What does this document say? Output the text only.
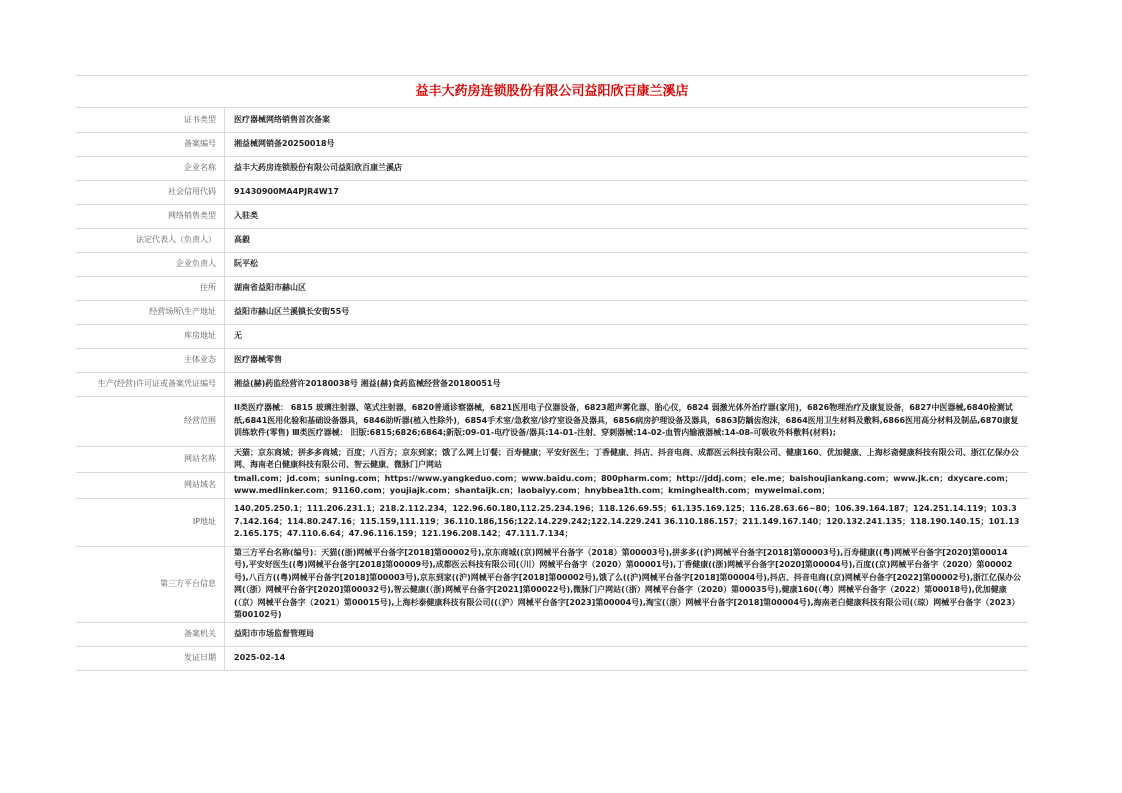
益丰大药房连锁股份有限公司益阳欣百康兰溪店
证书类型	医疗器械网络销售首次备案
备案编号	湘益械网销备20250018号
企业名称	益丰大药房连锁股份有限公司益阳欣百康兰溪店
社会信用代码	91430900MA4PJR4W17
网络销售类型	入驻类
法定代表人（负责人）	高毅
企业负责人	阮平松
住所	湖南省益阳市赫山区
经营场所\生产地址	益阳市赫山区兰溪镇长安街55号
库房地址	无
主体业态	医疗器械零售
生产(经营)许可证或备案凭证编号	湘益(赫)药监经营许20180038号 湘益(赫)食药监械经营备20180051号
经营范围	II类医疗器械： 6815 玻璃注射器、笔式注射器，6820普通诊察器械，6821医用电子仪器设备，6823超声雾化器、胎心仪，6824 弱激光体外治疗器(家用)，6826物理治疗及康复设备，6827中医器械,6840检测试纸,6841医用化验和基础设备器具，6846助听器(植入性除外)，6854手术室/急救室/诊疗室设备及器具，6856病房护理设备及器具，6863防龋齿泡沫，6864医用卫生材料及敷料,6866医用高分材料及制品,6870康复训练软件(零售) Ⅲ类医疗器械： 旧版:6815;6826;6864;新版:09-01-电疗设备/器具:14-01-注射、穿刺器械:14-02-血管内输液器械:14-08-可吸收外科敷料(材料);
网站名称	天猫；京东商城；拼多多商城；百度；八百方；京东到家；饿了么网上订餐；百寿健康；平安好医生；丁香健康、抖店、抖音电商、成都医云科技有限公司、健康160、优加健康、上海杉斋健康科技有限公司、浙江亿保办公网、海南老白健康科技有限公司、智云健康、微脉门户网站
网站域名	tmall.com；jd.com；suning.com；https://www.yangkeduo.com；www.baidu.com；800pharm.com；http://jddj.com；ele.me；baishoujiankang.com；www.jk.cn；dxycare.com；www.medlinker.com；91160.com；youjiajk.com；shantaijk.cn；laobaiyy.com；hnybbea1th.com；kminghealth.com；myweimai.com；
IP地址	140.205.250.1；111.206.231.1；218.2.112.234，122.96.60.180,112.25.234.196；118.126.69.55；61.135.169.125；116.28.63.66~80；106.39.164.187；124.251.14.119；103.37.142.164；114.80.247.16；115.159,111.119；36.110.186,156;122.14.229.242;122.14.229.241 36.110.186.157；211.149.167.140；120.132.241.135；118.190.140.15；101.132.165.175；47.110.6.64；47.96.116.159；121.196.208.142；47.111.7.134；
第三方平台信息	第三方平台名称(编号)：天猫((浙)网械平台备字[2018]第00002号),京东商城((京)网械平台备字（2018）第00003号),拼多多((沪)网械平台备字[2018]第00003号),百寿健康((粤)网械平台备字[2020]第00014号),平安好医生((粤)网械平台备字[2018]第00009号),成都医云科技有限公司(（川）网械平台备字（2020）第00001号),丁香健康((浙)网械平台备字[2020]第00004号),百度((京)网械平台备字（2020）第00002号),八百方((粤)网械平台备字[2018]第00003号),京东到家((沪)网械平台备字[2018]第00002号),饿了么((沪)网械平台备字[2018]第00004号),抖店、抖音电商((京)网械平台备字[2022]第00002号),浙江亿保办公网(（浙）网械平台备字[2020]第00032号),智云健康(（浙)网械平台备字[2021]第00022号),微脉门户网站(（浙）网械平台备字（2020）第00035号),健康160(（粤）网械平台备字（2022）第00018号),优加健康(（京）网械平台备字（2021）第00015号),上海杉泰健康科技有限公司((（沪）网械平台备字[2023]第00004号),淘宝(（浙）网械平台备字[2018]第00004号),海南老白健康科技有限公司(（琼）网械平台备字（2023）第00102号)
备案机关	益阳市市场监督管理局
发证日期	2025-02-14
